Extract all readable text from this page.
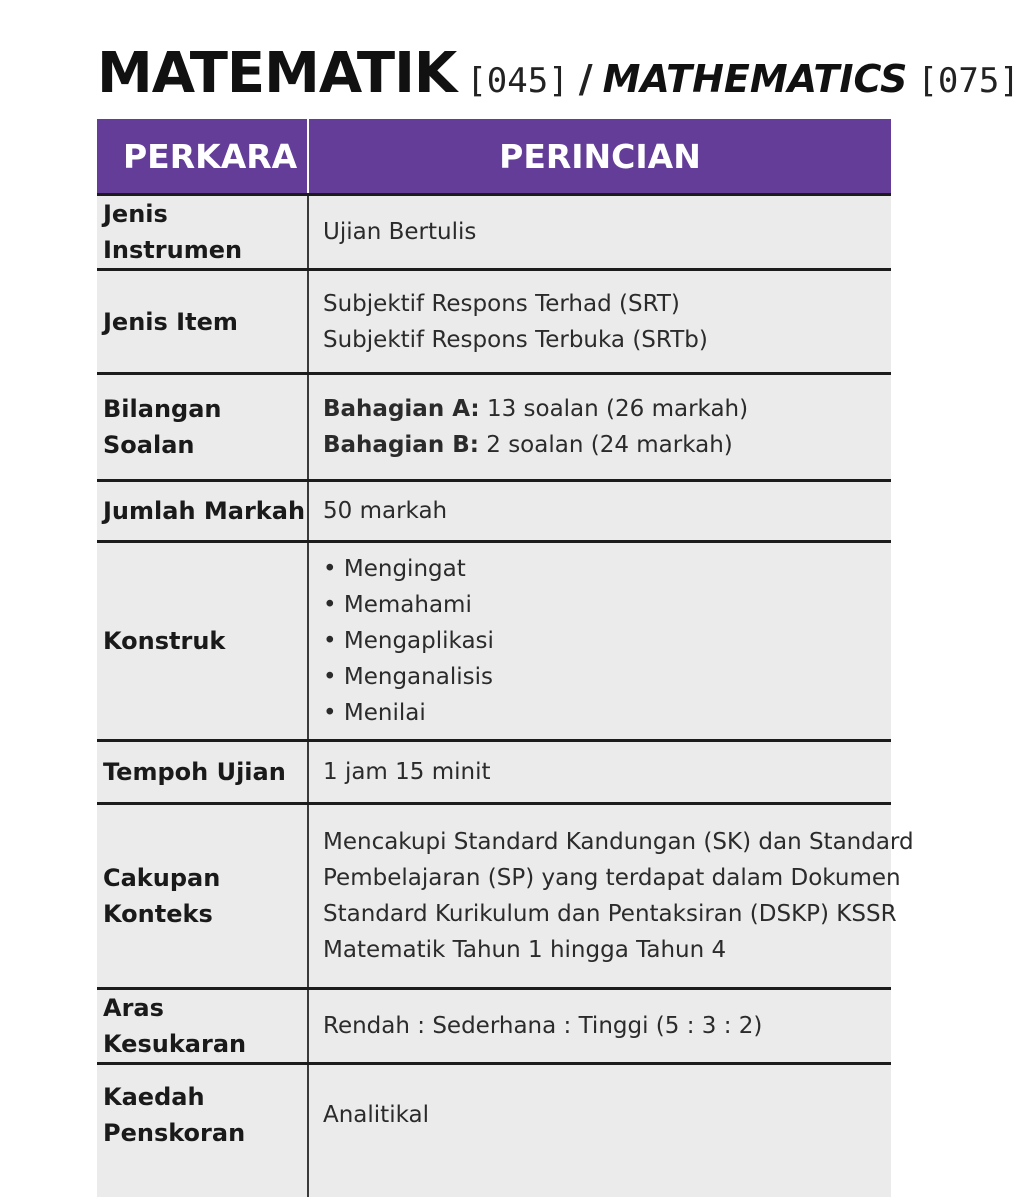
MATEMATIK [045] / MATHEMATICS [075]
PERKARA	PERINCIAN
Jenis Instrumen	Ujian Bertulis
Jenis Item	Subjektif Respons Terhad (SRT)
Subjektif Respons Terbuka (SRTb)

Bilangan
Soalan	Bahagian A: 13 soalan (26 markah)
Bahagian B: 2 soalan (24 markah)

Jumlah Markah	50 markah
Konstruk	• Mengingat
• Memahami
• Mengaplikasi
• Menganalisis
• Menilai

Tempoh Ujian	1 jam 15 minit

Cakupan
Konteks	Mencakupi Standard Kandungan (SK) dan Standard
Pembelajaran (SP) yang terdapat dalam Dokumen
Standard Kurikulum dan Pentaksiran (DSKP) KSSR
Matematik Tahun 1 hingga Tahun 4

Aras Kesukaran	Rendah : Sederhana : Tinggi (5 : 3 : 2)

Kaedah
Penskoran	Analitikal
